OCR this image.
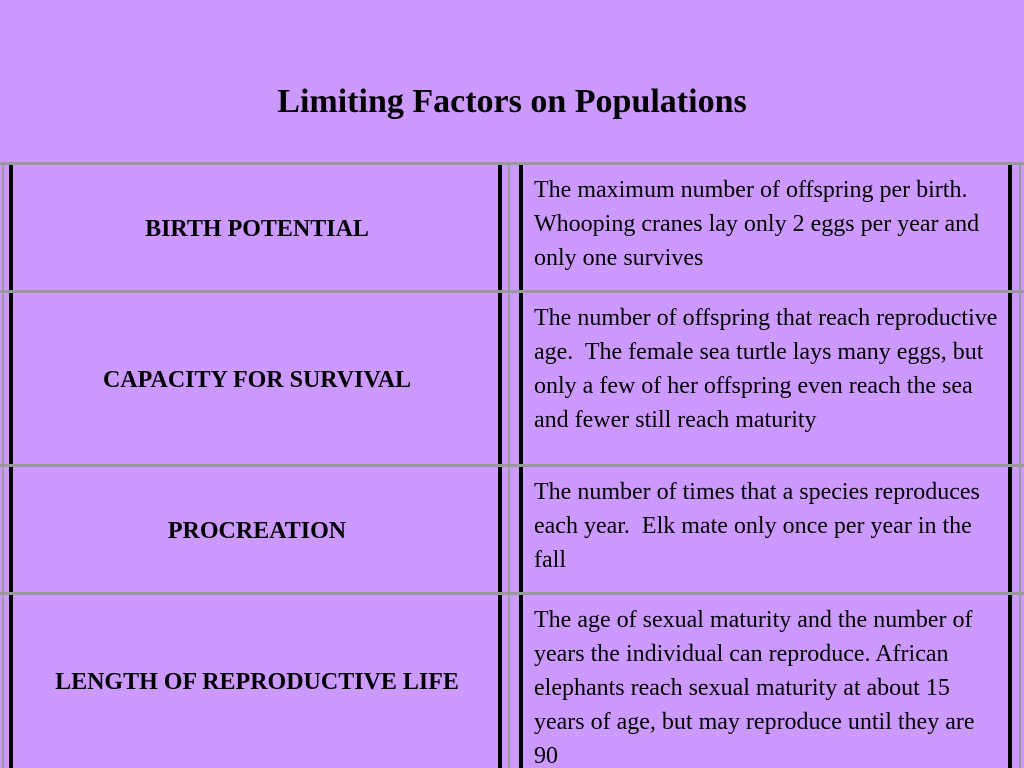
Limiting Factors on Populations
BIRTH POTENTIAL
The maximum number of offspring per birth. Whooping cranes lay only 2 eggs per year and only one survives
CAPACITY FOR SURVIVAL
The number of offspring that reach reproductive age.  The female sea turtle lays many eggs, but only a few of her offspring even reach the sea and fewer still reach maturity
PROCREATION
The number of times that a species reproduces each year.  Elk mate only once per year in the fall
LENGTH OF REPRODUCTIVE LIFE
The age of sexual maturity and the number of years the individual can reproduce. African elephants reach sexual maturity at about 15 years of age, but may reproduce until they are 90
